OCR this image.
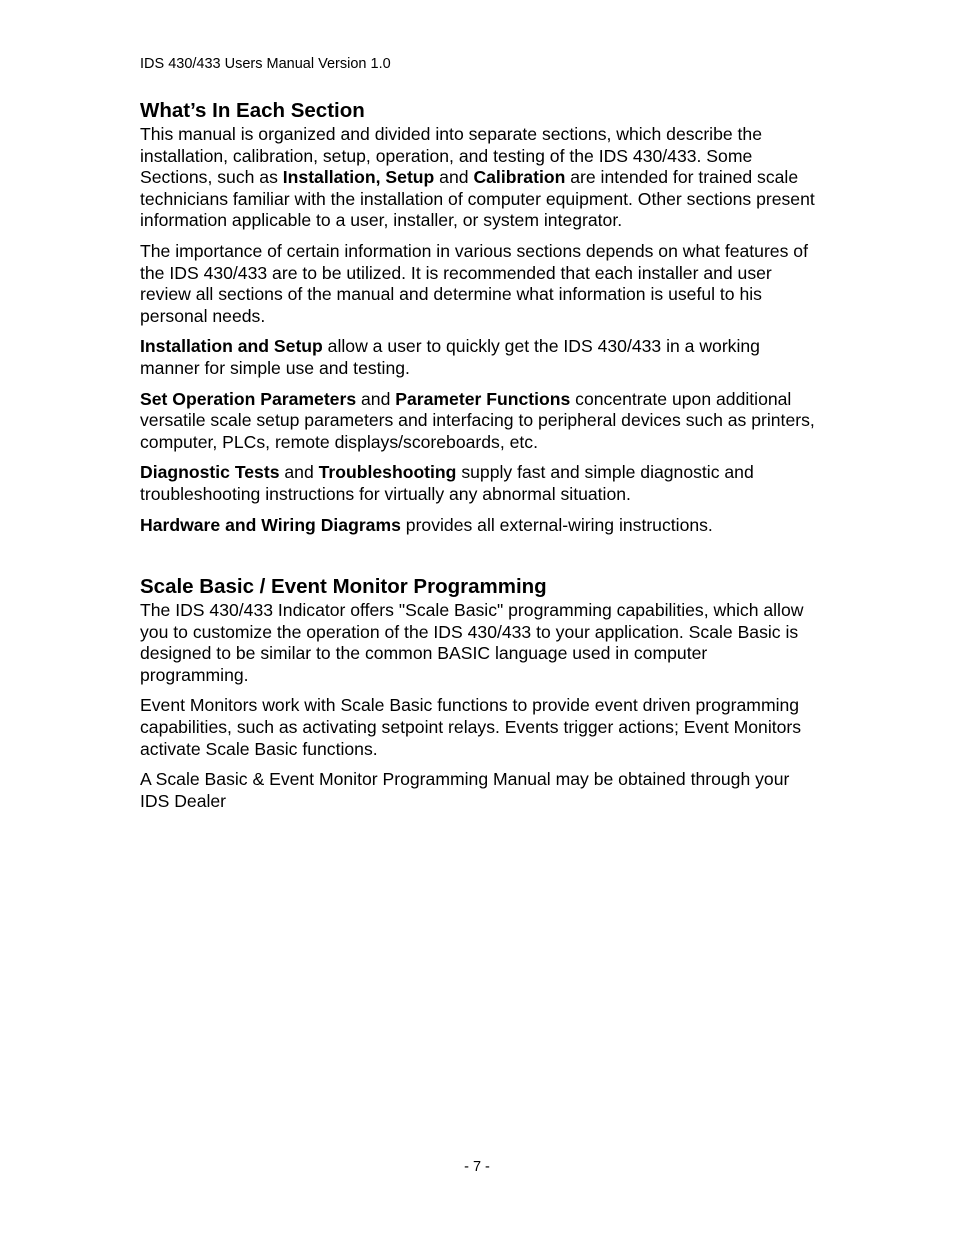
IDS 430/433 Users Manual Version 1.0
What’s In Each Section

This manual is organized and divided into separate sections, which describe the installation, calibration, setup, operation, and testing of the IDS 430/433. Some Sections, such as Installation, Setup and Calibration are intended for trained scale technicians familiar with the installation of computer equipment. Other sections present information applicable to a user, installer, or system integrator.

The importance of certain information in various sections depends on what features of the IDS 430/433 are to be utilized. It is recommended that each installer and user review all sections of the manual and determine what information is useful to his personal needs.

Installation and Setup allow a user to quickly get the IDS 430/433 in a working manner for simple use and testing.

Set Operation Parameters and Parameter Functions concentrate upon additional versatile scale setup parameters and interfacing to peripheral devices such as printers, computer, PLCs, remote displays/scoreboards, etc.

Diagnostic Tests and Troubleshooting supply fast and simple diagnostic and troubleshooting instructions for virtually any abnormal situation.

Hardware and Wiring Diagrams provides all external-wiring instructions.

Scale Basic / Event Monitor Programming

The IDS 430/433 Indicator offers "Scale Basic" programming capabilities, which allow you to customize the operation of the IDS 430/433 to your application. Scale Basic is designed to be similar to the common BASIC language used in computer programming.

Event Monitors work with Scale Basic functions to provide event driven programming capabilities, such as activating setpoint relays. Events trigger actions; Event Monitors activate Scale Basic functions.

A Scale Basic & Event Monitor Programming Manual may be obtained through your IDS Dealer

- 7 -
